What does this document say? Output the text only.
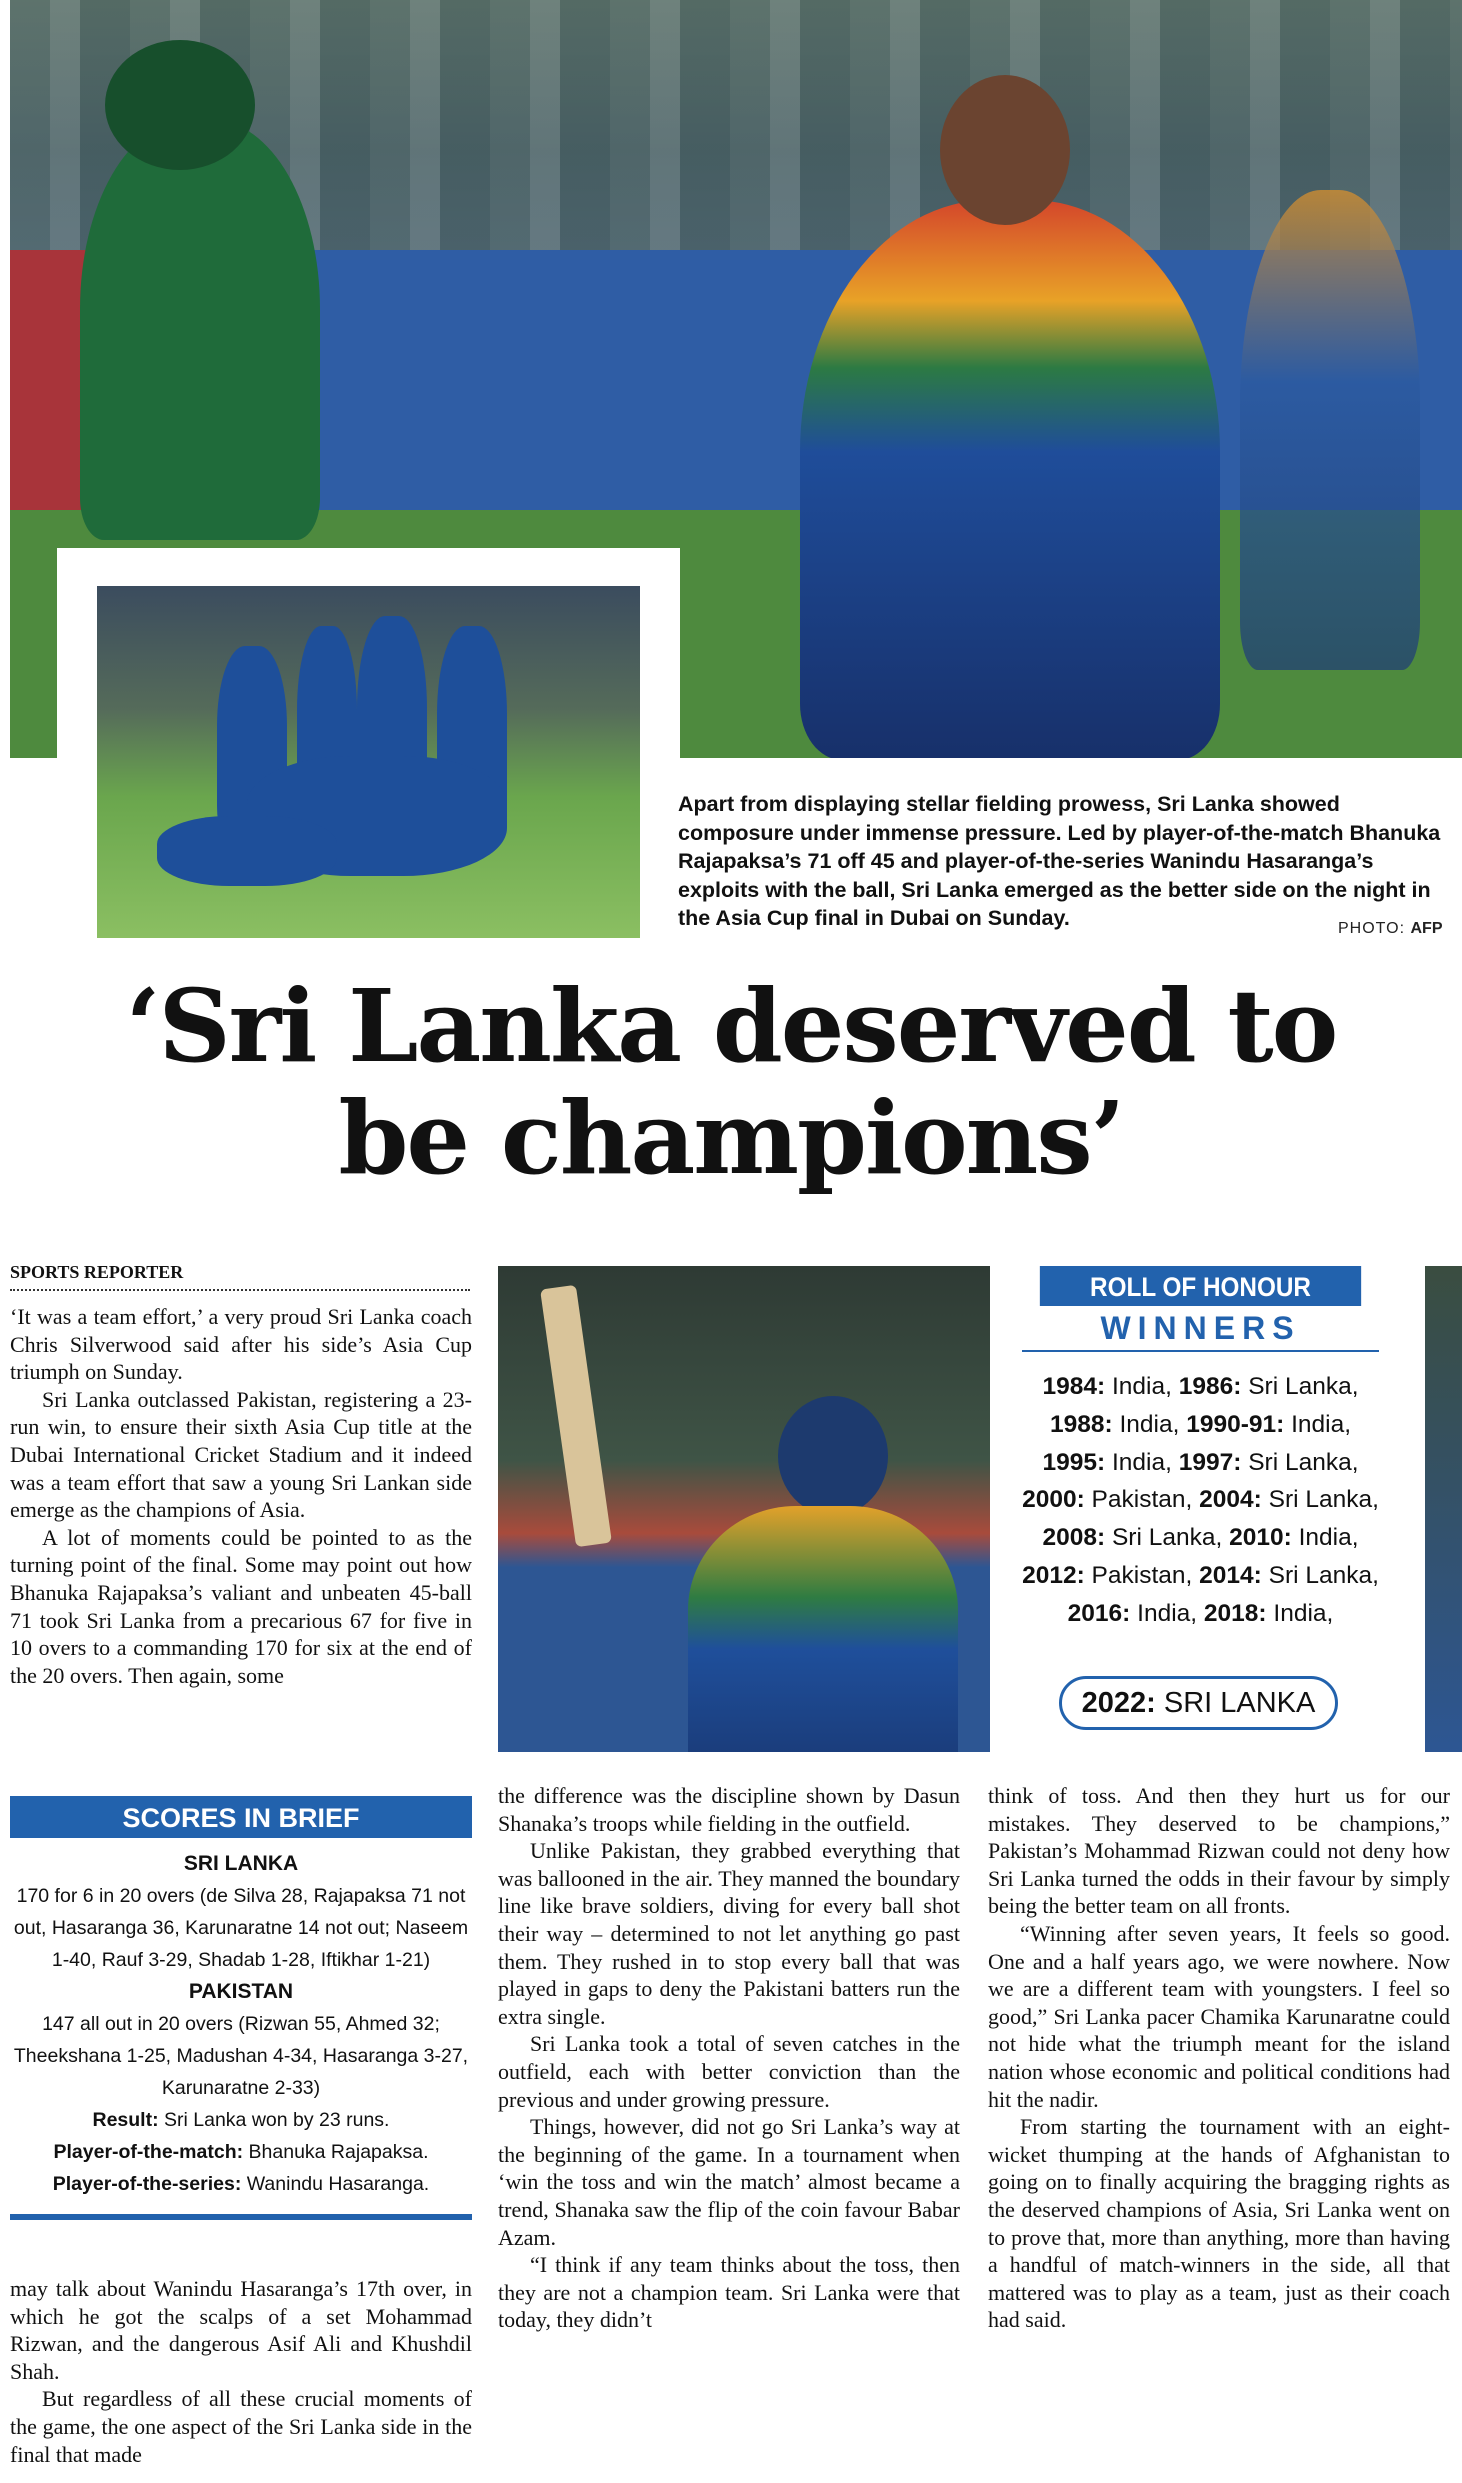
Apart from displaying stellar fielding prowess, Sri Lanka showed composure under immense pressure. Led by player-of-the-match Bhanuka Rajapaksa’s 71 off 45 and player-of-the-series Wanindu Hasaranga’s exploits with the ball, Sri Lanka emerged as the better side on the night in the Asia Cup final in Dubai on Sunday.	PHOTO: AFP
‘Sri Lanka deserved to
be champions’
SPORTS REPORTER

‘It was a team effort,’ a very proud Sri Lanka coach Chris Silverwood said after his side’s Asia Cup triumph on Sunday.

Sri Lanka outclassed Pakistan, registering a 23-run win, to ensure their sixth Asia Cup title at the Dubai International Cricket Stadium and it indeed was a team effort that saw a young Sri Lankan side emerge as the champions of Asia.

A lot of moments could be pointed to as the turning point of the final. Some may point out how Bhanuka Rajapaksa’s valiant and unbeaten 45-ball 71 took Sri Lanka from a precarious 67 for five in 10 overs to a commanding 170 for six at the end of the 20 overs. Then again, some

ROLL OF HONOUR
WINNERS
1984: India, 1986: Sri Lanka,
1988: India, 1990-91: India,
1995: India, 1997: Sri Lanka,
2000: Pakistan, 2004: Sri Lanka,
2008: Sri Lanka, 2010: India,
2012: Pakistan, 2014: Sri Lanka,
2016: India, 2018: India,
2022: SRI LANKA
SCORES IN BRIEF
SRI LANKA
170 for 6 in 20 overs (de Silva 28, Rajapaksa 71 not out, Hasaranga 36, Karunaratne 14 not out; Naseem 1-40, Rauf 3-29, Shadab 1-28, Iftikhar 1-21)
PAKISTAN
147 all out in 20 overs (Rizwan 55, Ahmed 32; Theekshana 1-25, Madushan 4-34, Hasaranga 3-27, Karunaratne 2-33)
Result: Sri Lanka won by 23 runs.
Player-of-the-match: Bhanuka Rajapaksa.
Player-of-the-series: Wanindu Hasaranga.

may talk about Wanindu Hasaranga’s 17th over, in which he got the scalps of a set Mohammad Rizwan, and the dangerous Asif Ali and Khushdil Shah.

But regardless of all these crucial moments of the game, the one aspect of the Sri Lanka side in the final that made

the difference was the discipline shown by Dasun Shanaka’s troops while fielding in the outfield.

Unlike Pakistan, they grabbed everything that was ballooned in the air. They manned the boundary line like brave soldiers, diving for every ball shot their way – determined to not let anything go past them. They rushed in to stop every ball that was played in gaps to deny the Pakistani batters run the extra single.

Sri Lanka took a total of seven catches in the outfield, each with better conviction than the previous and under growing pressure.

Things, however, did not go Sri Lanka’s way at the beginning of the game. In a tournament when ‘win the toss and win the match’ almost became a trend, Shanaka saw the flip of the coin favour Babar Azam.

“I think if any team thinks about the toss, then they are not a champion team. Sri Lanka were that today, they didn’t

think of toss. And then they hurt us for our mistakes. They deserved to be champions,” Pakistan’s Mohammad Rizwan could not deny how Sri Lanka turned the odds in their favour by simply being the better team on all fronts.

“Winning after seven years, It feels so good. One and a half years ago, we were nowhere. Now we are a different team with youngsters. I feel so good,” Sri Lanka pacer Chamika Karunaratne could not hide what the triumph meant for the island nation whose economic and political conditions had hit the nadir.

From starting the tournament with an eight-wicket thumping at the hands of Afghanistan to going on to finally acquiring the bragging rights as the deserved champions of Asia, Sri Lanka went on to prove that, more than anything, more than having a handful of match-winners in the side, all that mattered was to play as a team, just as their coach had said.
